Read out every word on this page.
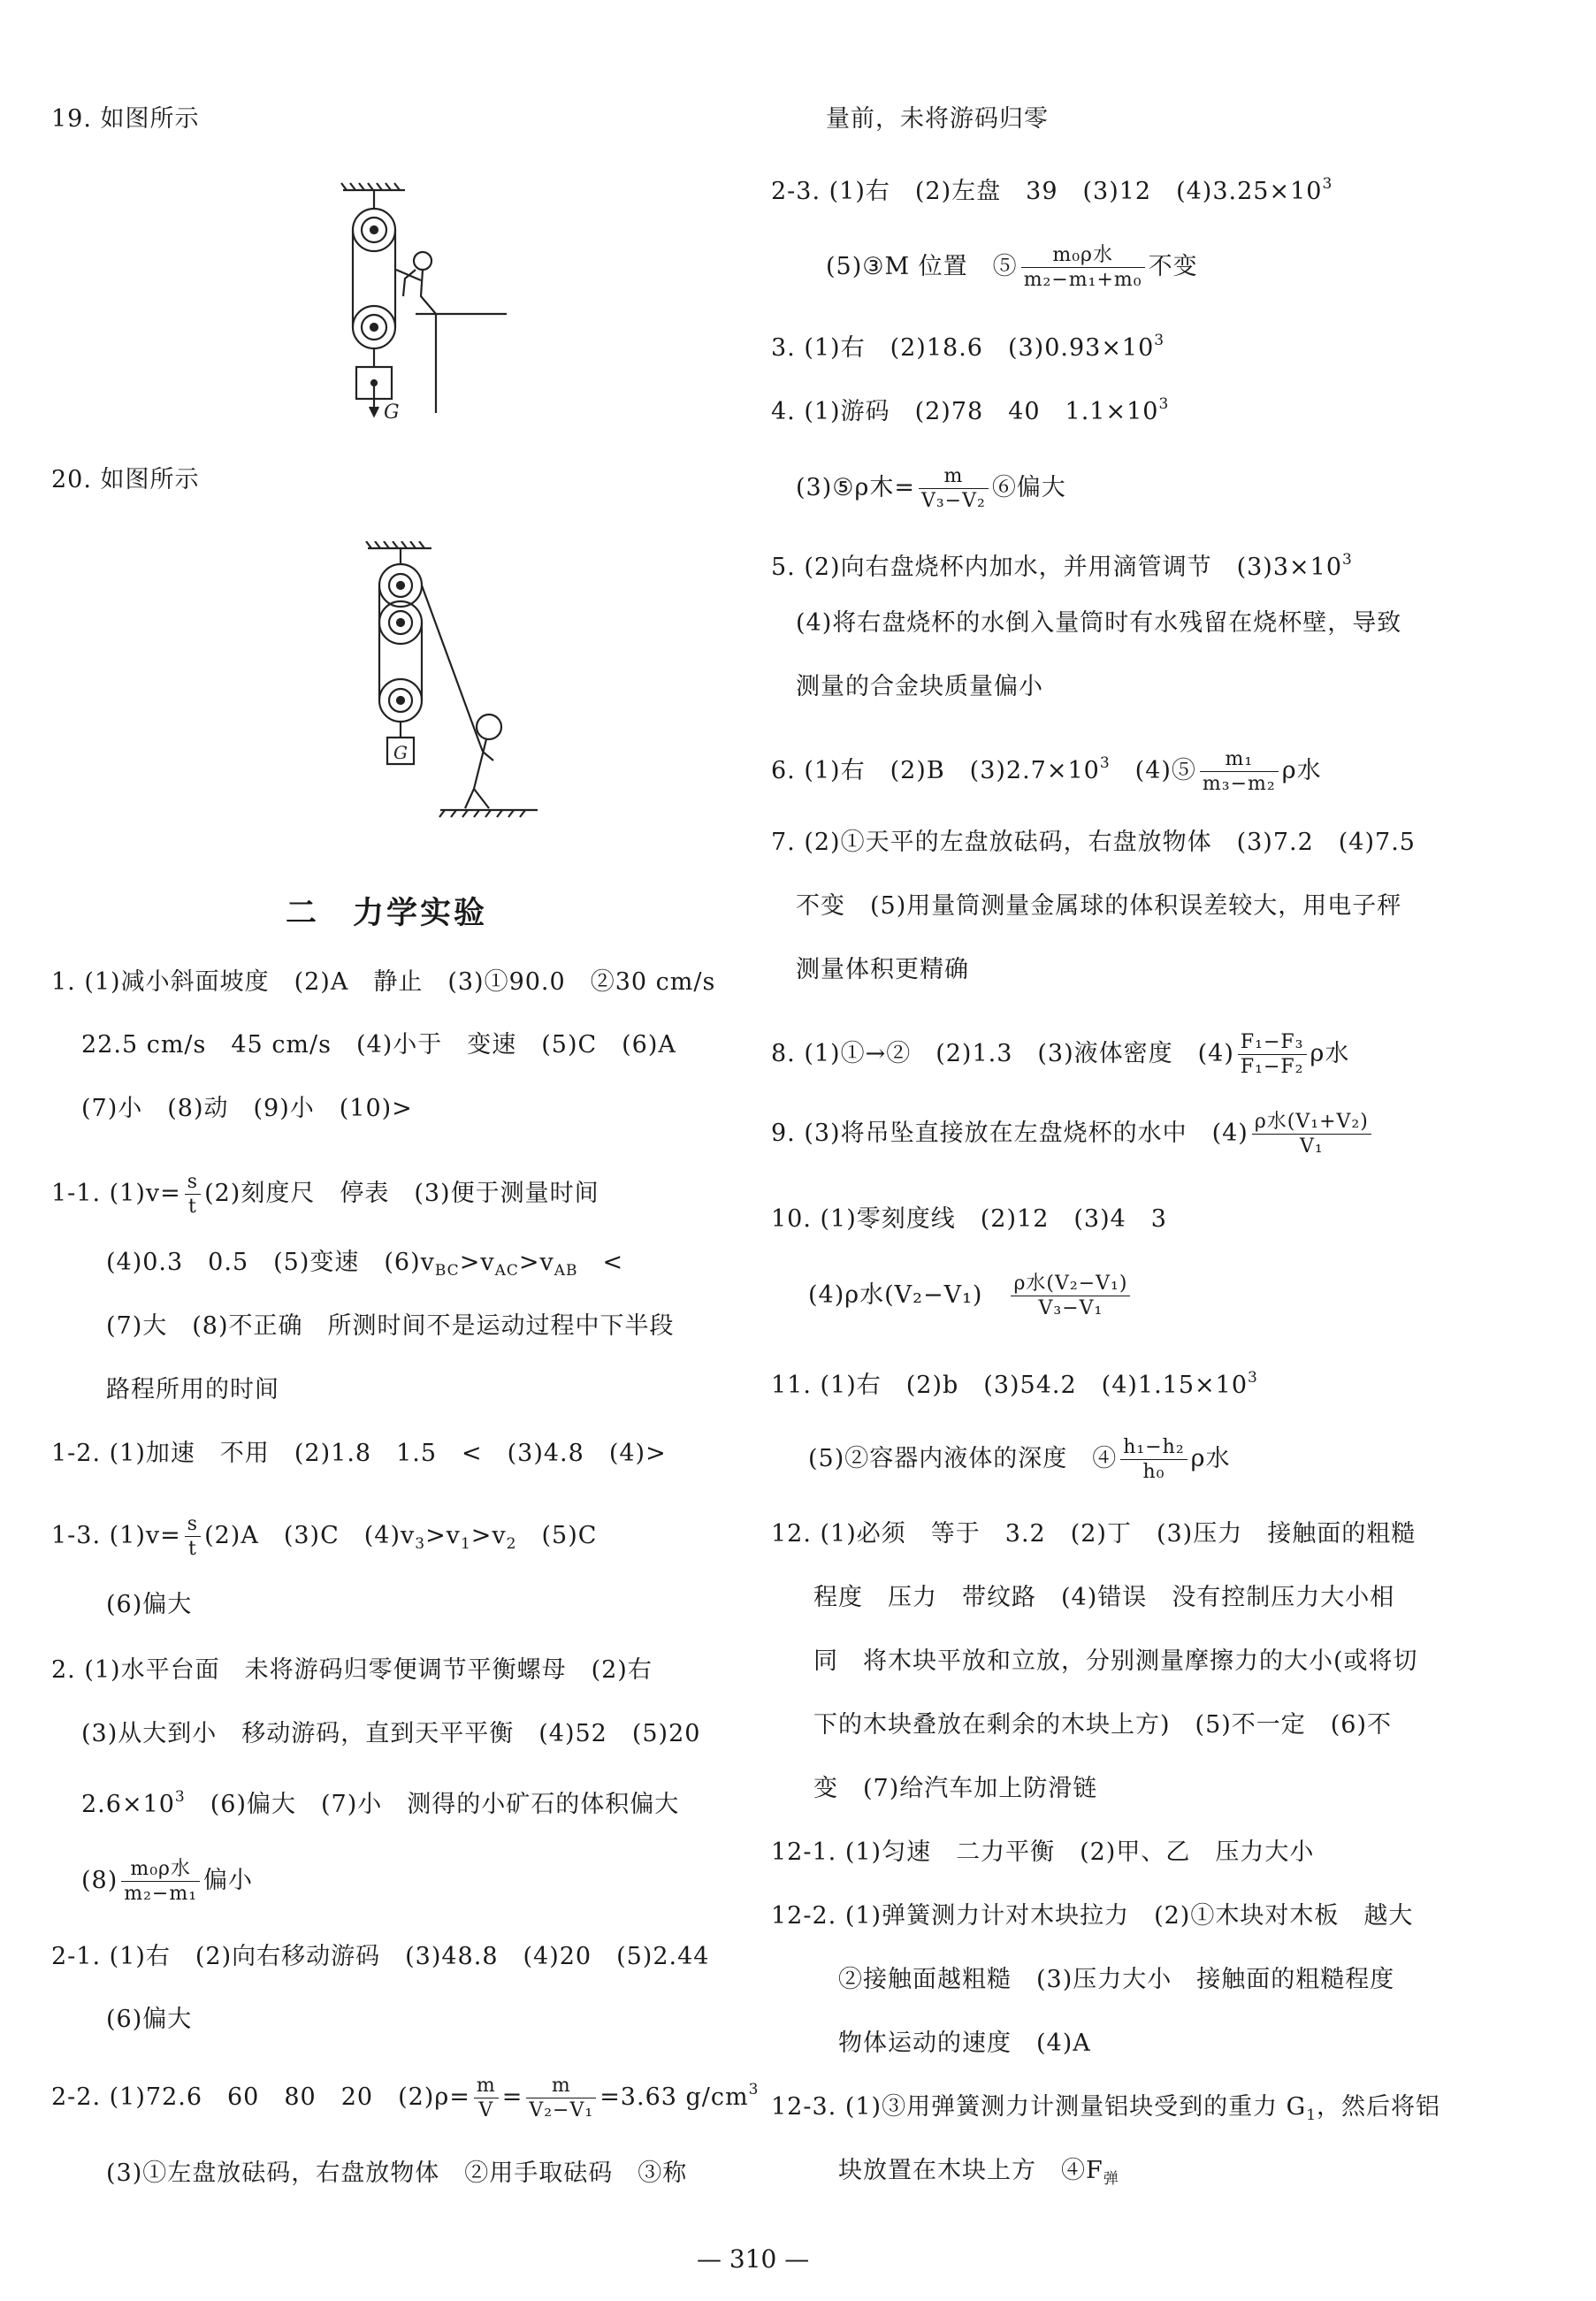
19. 如图所示
G
20. 如图所示
G
二　力学实验
1. (1)减小斜面坡度　(2)A　静止　(3)①90.0　②30 cm/s
22.5 cm/s　45 cm/s　(4)小于　变速　(5)C　(6)A
(7)小　(8)动　(9)小　(10)>
1-1. $(1)v= \frac{s}{t} (2)$刻度尺　停表　(3)便于测量时间
(4)0.3　0.5　(5)变速　$(6)v_{BC}>v_{AC}>v_{AB}$　<
(7)大　(8)不正确　所测时间不是运动过程中下半段
路程所用的时间
1-2. (1)加速　不用　(2)1.8　1.5　<　(3)4.8　(4)>
1-3. $(1)v= \frac{s}{t} (2)A$　(3)C　$(4)v_3>v_1>v_2$　(5)C
(6)偏大
2. (1)水平台面　未将游码归零便调节平衡螺母　(2)右
(3)从大到小　移动游码，直到天平平衡　(4)52　(5)20
$2.6\times 10^3$　(6)偏大　(7)小　测得的小矿石的体积偏大
$(8) \frac{\text{m₀ρ水}}{\text{m₂−m₁}}$ 偏小
2-1. (1)右　(2)向右移动游码　(3)48.8　(4)20　(5)2.44
(6)偏大
2-2. (1)72.6　60　80　20　$(2)\rho= \frac{m}{V} = \frac{m}{\text{V₂−V₁}} =3.63$ $g/cm^3$
(3)①左盘放砝码，右盘放物体　②用手取砝码　③称
— 310 —
量前，未将游码归零
2-3. (1)右　(2)左盘　39　(3)12　$(4)3.25\times 10^3$
(5)③M 位置　⑤ $\frac{\text{m₀ρ水}}{\text{m₂−m₁+m₀}}$ 不变
3. (1)右　(2)18.6　$(3)0.93\times 10^3$
4. (1)游码　(2)78　40　$1.1\times 10^3$
(3)⑤ρ木= $\frac{m}{\text{V₃−V₂}}$ ⑥偏大
5. (2)向右盘烧杯内加水，并用滴管调节　$(3)3\times 10^3$
(4)将右盘烧杯的水倒入量筒时有水残留在烧杯壁，导致
测量的合金块质量偏小
6. (1)右　(2)B　$(3)2.7\times 10^3$　(4)⑤ $\frac{\text{m₁}}{\text{m₃−m₂}}$ ρ水
7. (2)①天平的左盘放砝码，右盘放物体　(3)7.2　(4)7.5
不变　(5)用量筒测量金属球的体积误差较大，用电子秤
测量体积更精确
8. (1)①→②　(2)1.3　(3)液体密度　$(4) \frac{\text{F₁−F₃}}{\text{F₁−F₂}}$ ρ水
9. (3)将吊坠直接放在左盘烧杯的水中　$(4) \frac{\text{ρ水(V₁+V₂)}}{\text{V₁}}$
10. (1)零刻度线　(2)12　(3)4　3
(4)ρ水(V₂−V₁)　 $\frac{\text{ρ水(V₂−V₁)}}{\text{V₃−V₁}}$
11. (1)右　(2)b　(3)54.2　$(4)1.15\times 10^3$
(5)②容器内液体的深度　④ $\frac{\text{h₁−h₂}}{\text{h₀}}$ ρ水
12. (1)必须　等于　3.2　(2)丁　(3)压力　接触面的粗糙
程度　压力　带纹路　(4)错误　没有控制压力大小相
同　将木块平放和立放，分别测量摩擦力的大小(或将切
下的木块叠放在剩余的木块上方)　(5)不一定　(6)不
变　(7)给汽车加上防滑链
12-1. (1)匀速　二力平衡　(2)甲、乙　压力大小
12-2. (1)弹簧测力计对木块拉力　(2)①木块对木板　越大
②接触面越粗糙　(3)压力大小　接触面的粗糙程度
物体运动的速度　(4)A
12-3. (1)③用弹簧测力计测量铝块受到的重力 $G_1$，然后将铝
块放置在木块上方　$④F_弹$
